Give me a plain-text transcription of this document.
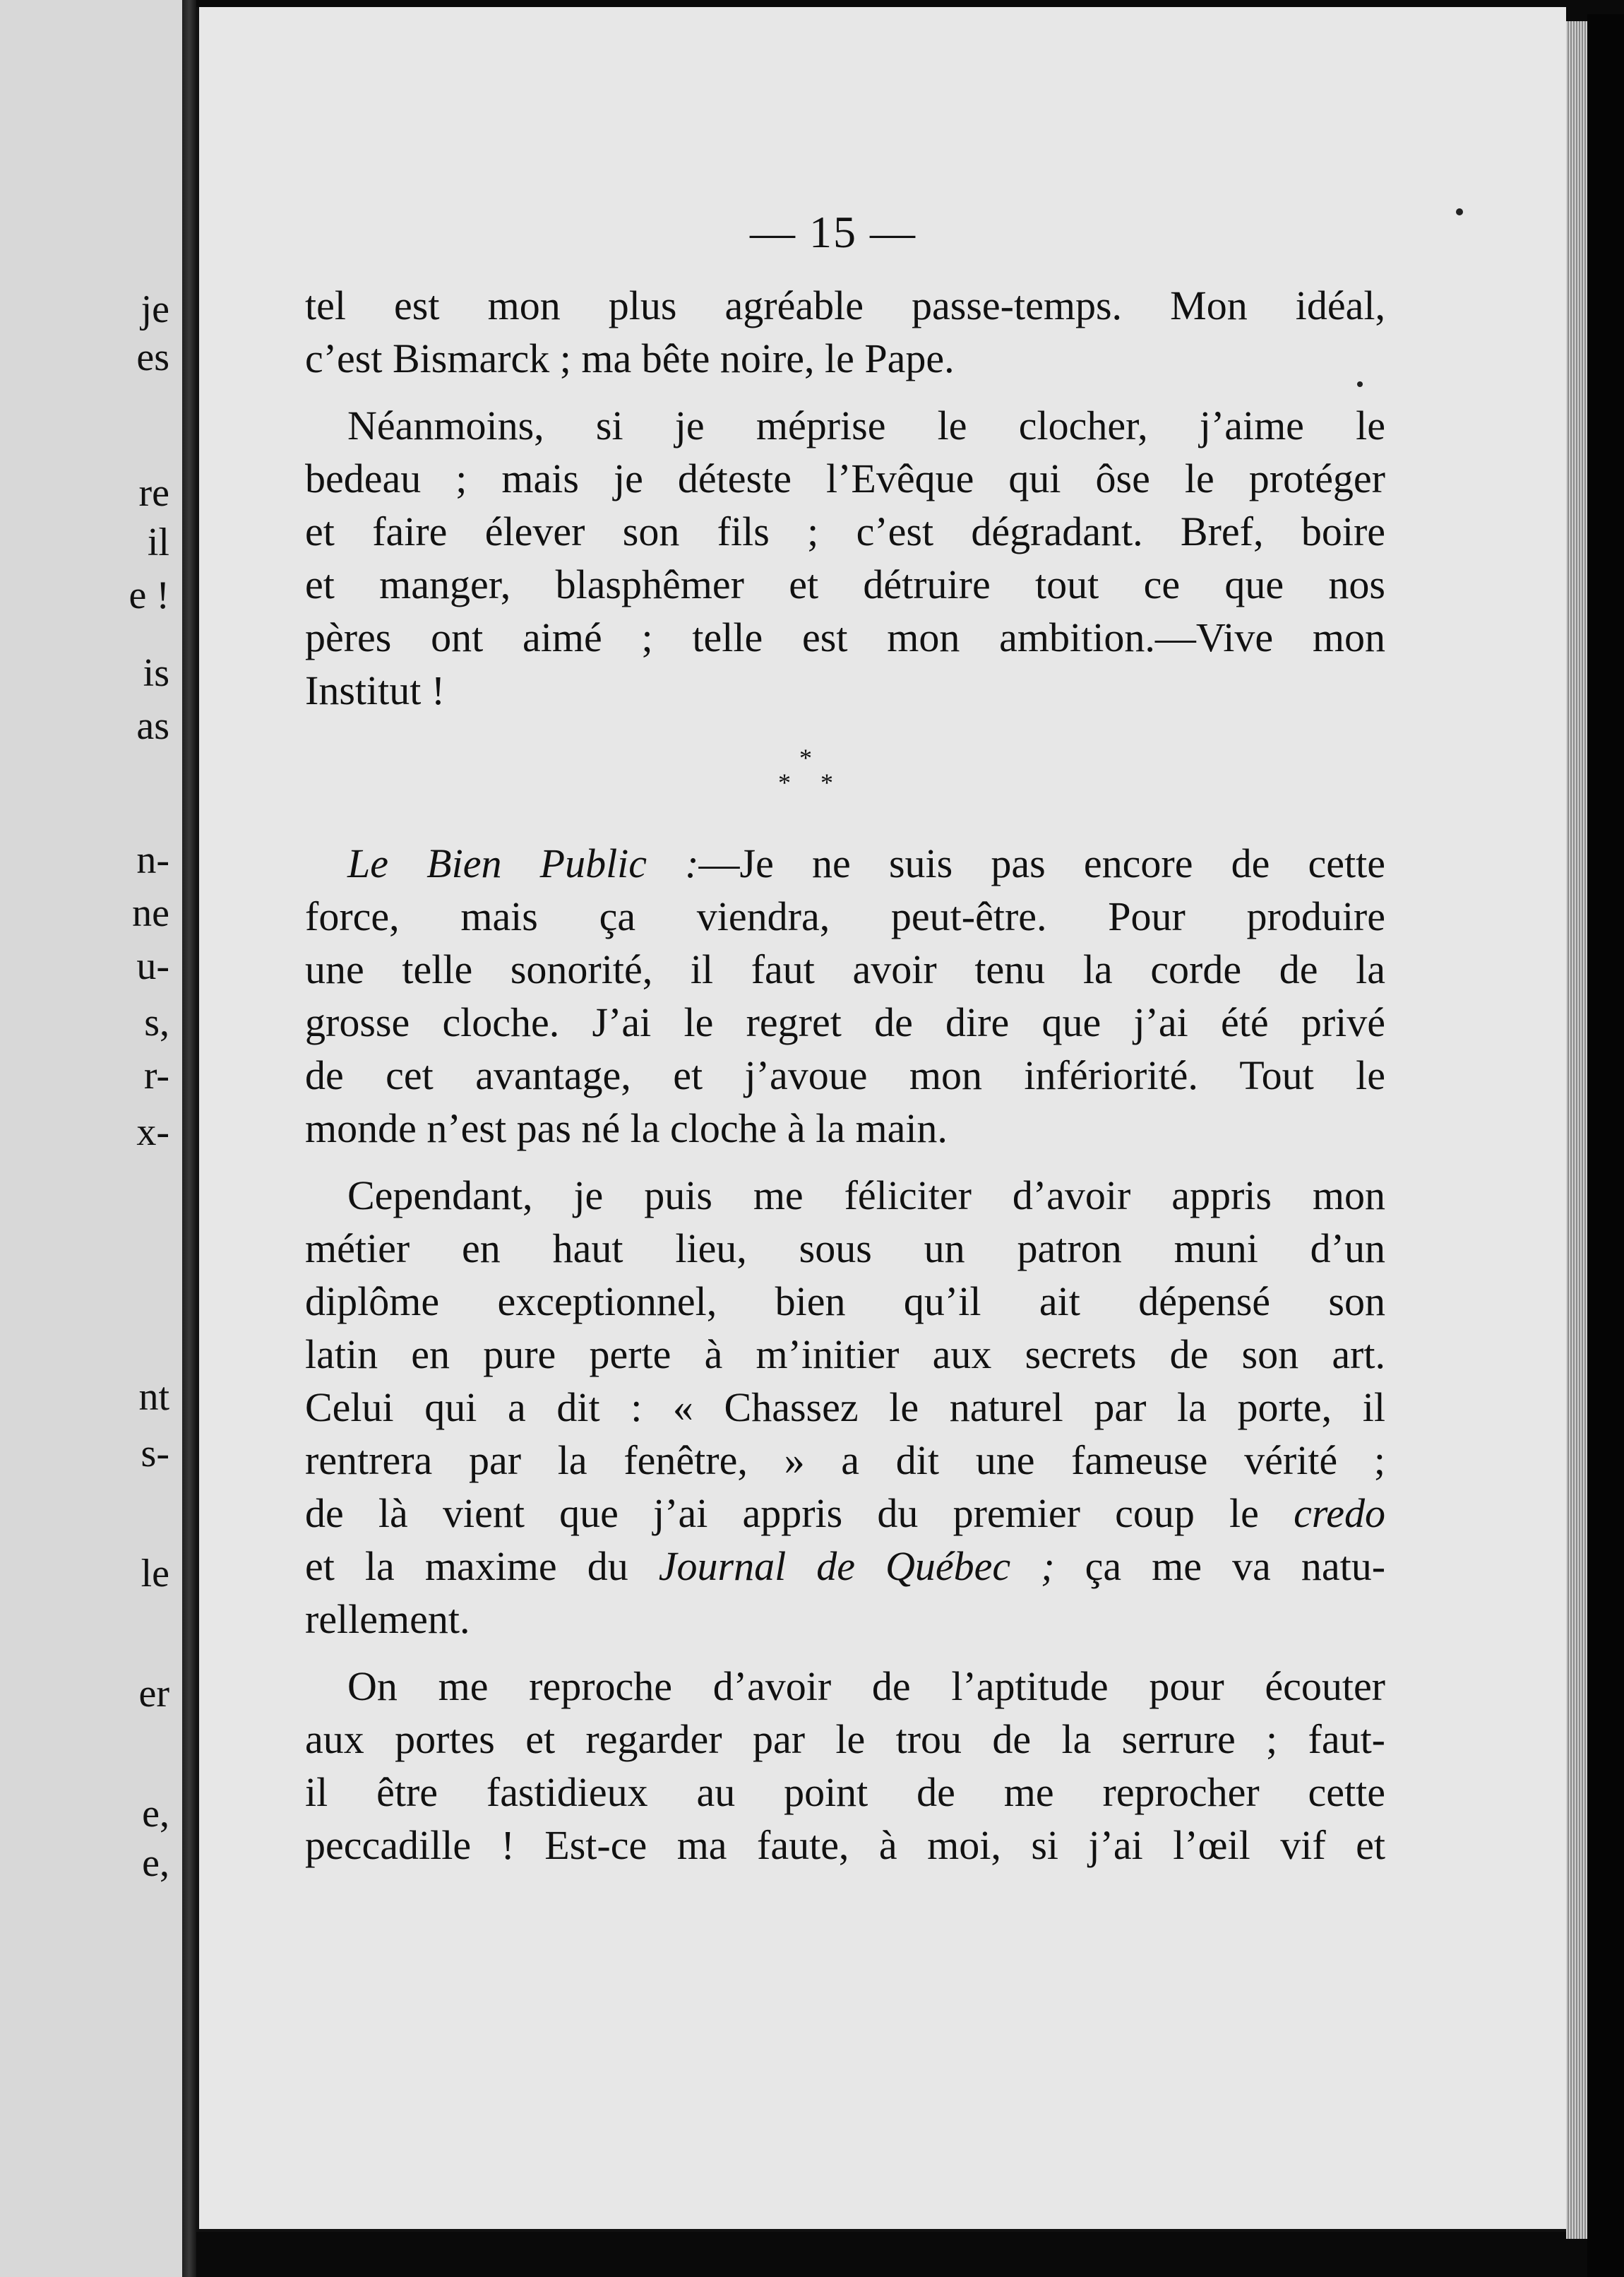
je
es
re
il
e !
is
as
n-
ne
u-
s,
r-
x-
nt
s-
le
er
e,
e,
— 15 —

tel est mon plus agréable passe-temps. Mon idéal,
c’est Bismarck ; ma bête noire, le Pape.

Néanmoins, si je méprise le clocher, j’aime le
bedeau ; mais je déteste l’Evêque qui ôse le protéger
et faire élever son fils ; c’est dégradant. Bref, boire
et manger, blasphêmer et détruire tout ce que nos
pères ont aimé ; telle est mon ambition.—Vive mon
Institut !

*
* *

Le Bien Public :—Je ne suis pas encore de cette
force, mais ça viendra, peut-être. Pour produire
une telle sonorité, il faut avoir tenu la corde de la
grosse cloche. J’ai le regret de dire que j’ai été privé
de cet avantage, et j’avoue mon infériorité. Tout le
monde n’est pas né la cloche à la main.

Cependant, je puis me féliciter d’avoir appris mon
métier en haut lieu, sous un patron muni d’un
diplôme exceptionnel, bien qu’il ait dépensé son
latin en pure perte à m’initier aux secrets de son art.
Celui qui a dit : « Chassez le naturel par la porte, il
rentrera par la fenêtre, » a dit une fameuse vérité ;
de là vient que j’ai appris du premier coup le credo
et la maxime du Journal de Québec ; ça me va natu-
rellement.

On me reproche d’avoir de l’aptitude pour écouter
aux portes et regarder par le trou de la serrure ; faut-
il être fastidieux au point de me reprocher cette
peccadille ! Est-ce ma faute, à moi, si j’ai l’œil vif et
